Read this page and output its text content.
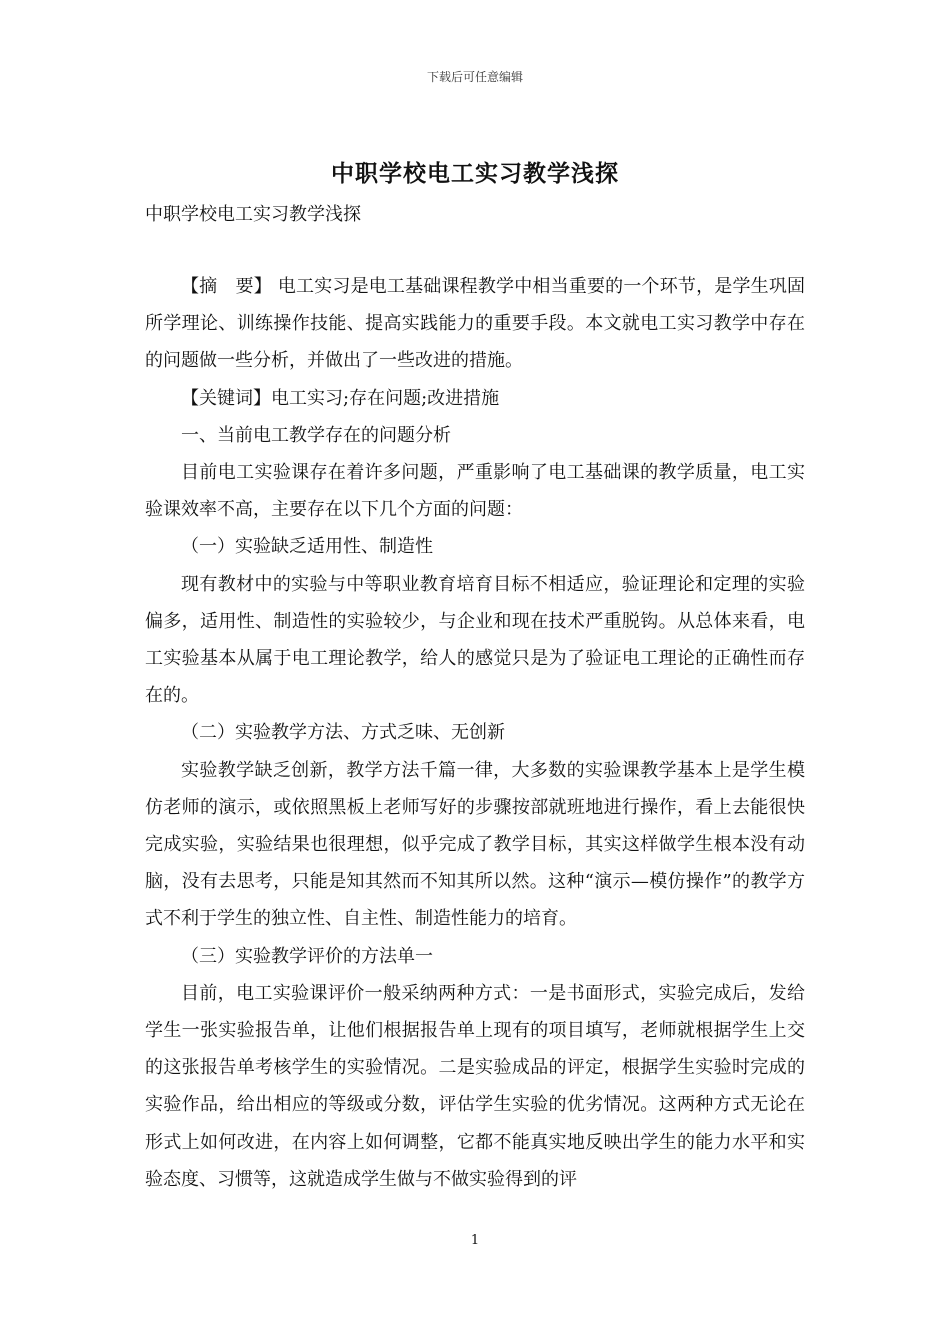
下载后可任意编辑
中职学校电工实习教学浅探
中职学校电工实习教学浅探

【摘　要】 电工实习是电工基础课程教学中相当重要的一个环节，是学生巩固所学理论、训练操作技能、提高实践能力的重要手段。本文就电工实习教学中存在的问题做一些分析，并做出了一些改进的措施。

【关键词】电工实习;存在问题;改进措施

一、当前电工教学存在的问题分析

目前电工实验课存在着许多问题，严重影响了电工基础课的教学质量，电工实验课效率不高，主要存在以下几个方面的问题：

（一）实验缺乏适用性、制造性

现有教材中的实验与中等职业教育培育目标不相适应，验证理论和定理的实验偏多，适用性、制造性的实验较少，与企业和现在技术严重脱钩。从总体来看，电工实验基本从属于电工理论教学，给人的感觉只是为了验证电工理论的正确性而存在的。

（二）实验教学方法、方式乏味、无创新

实验教学缺乏创新，教学方法千篇一律，大多数的实验课教学基本上是学生模仿老师的演示，或依照黑板上老师写好的步骤按部就班地进行操作，看上去能很快完成实验，实验结果也很理想，似乎完成了教学目标，其实这样做学生根本没有动脑，没有去思考，只能是知其然而不知其所以然。这种“演示—模仿操作”的教学方式不利于学生的独立性、自主性、制造性能力的培育。

（三）实验教学评价的方法单一

目前，电工实验课评价一般采纳两种方式：一是书面形式，实验完成后，发给学生一张实验报告单，让他们根据报告单上现有的项目填写，老师就根据学生上交的这张报告单考核学生的实验情况。二是实验成品的评定，根据学生实验时完成的实验作品，给出相应的等级或分数，评估学生实验的优劣情况。这两种方式无论在形式上如何改进，在内容上如何调整，它都不能真实地反映出学生的能力水平和实验态度、习惯等，这就造成学生做与不做实验得到的评

1
